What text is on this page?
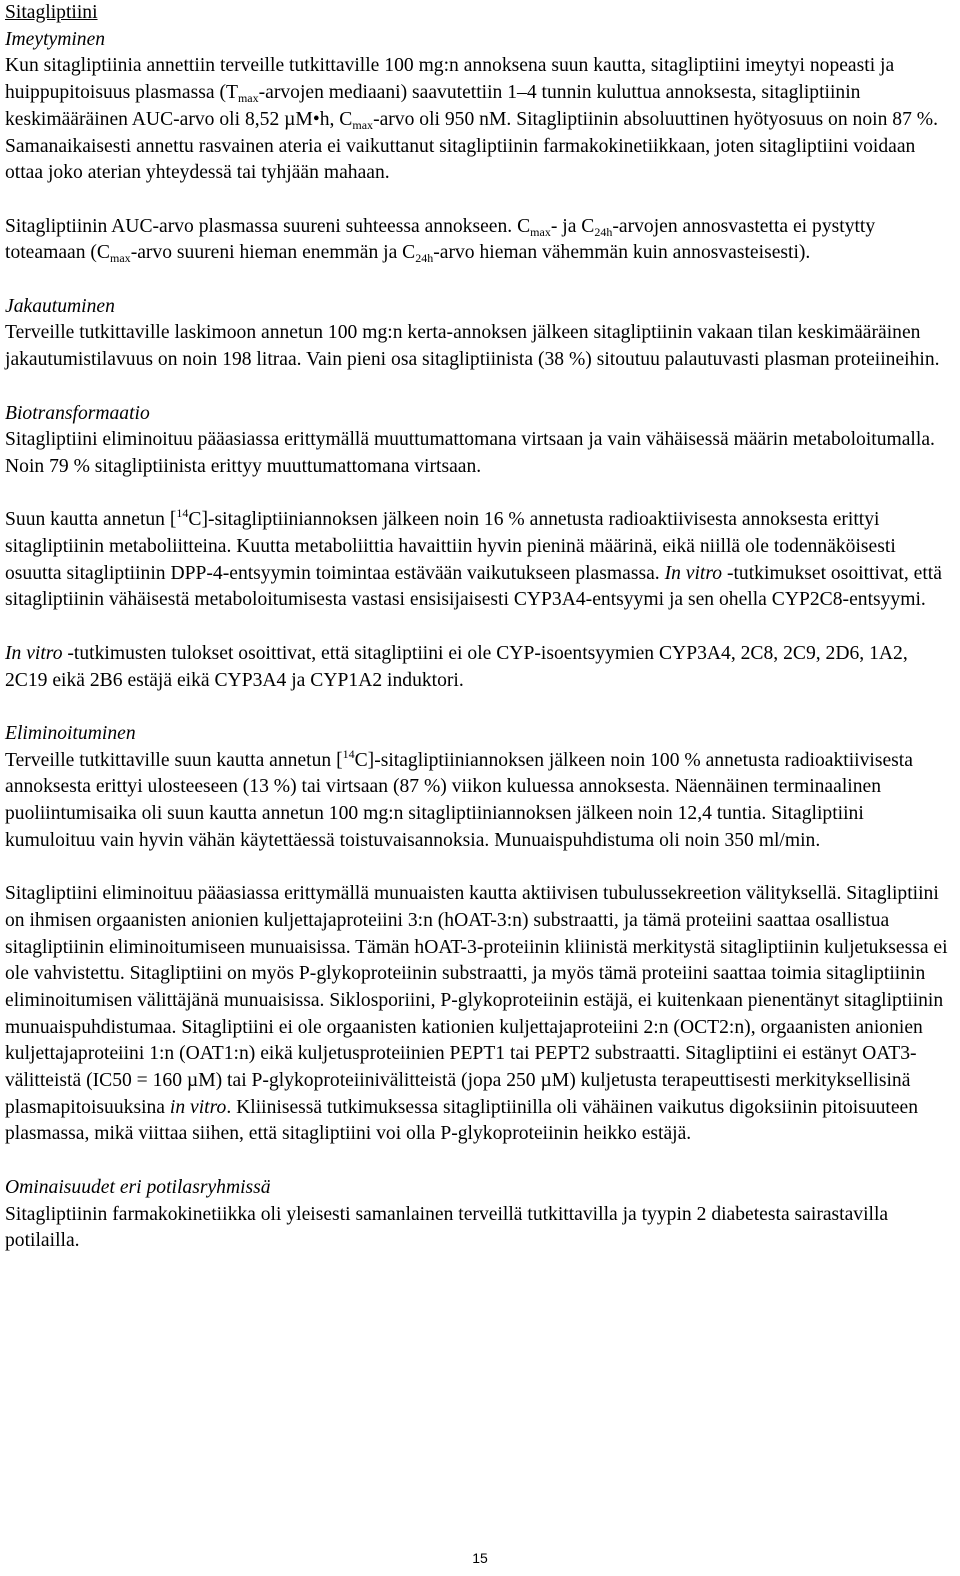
Sitagliptiini

Imeytyminen

Kun sitagliptiinia annettiin terveille tutkittaville 100 mg:n annoksena suun kautta, sitagliptiini imeytyi nopeasti ja huippupitoisuus plasmassa ($T_{max}$-arvojen mediaani) saavutettiin 1–4 tunnin kuluttua annoksesta, sitagliptiinin keskimääräinen AUC-arvo oli 8,52 µM•h, $C_{max}$-arvo oli 950 nM. Sitagliptiinin absoluuttinen hyötyosuus on noin 87 %. Samanaikaisesti annettu rasvainen ateria ei vaikuttanut sitagliptiinin farmakokinetiikkaan, joten sitagliptiini voidaan ottaa joko aterian yhteydessä tai tyhjään mahaan.

Sitagliptiinin AUC-arvo plasmassa suureni suhteessa annokseen. $C_{max}-$ ja $C_{24h}$-arvojen annosvastetta ei pystytty toteamaan ($C_{max}$-arvo suureni hieman enemmän ja $C_{24h}$-arvo hieman vähemmän kuin annosvasteisesti).

Jakautuminen

Terveille tutkittaville laskimoon annetun 100 mg:n kerta-annoksen jälkeen sitagliptiinin vakaan tilan keskimääräinen jakautumistilavuus on noin 198 litraa. Vain pieni osa sitagliptiinista (38 %) sitoutuu palautuvasti plasman proteiineihin.

Biotransformaatio

Sitagliptiini eliminoituu pääasiassa erittymällä muuttumattomana virtsaan ja vain vähäisessä määrin metaboloitumalla. Noin 79 % sitagliptiinista erittyy muuttumattomana virtsaan.

Suun kautta annetun [$^{14}$C]-sitagliptiiniannoksen jälkeen noin 16 % annetusta radioaktiivisesta annoksesta erittyi sitagliptiinin metaboliitteina. Kuutta metaboliittia havaittiin hyvin pieninä määrinä, eikä niillä ole todennäköisesti osuutta sitagliptiinin DPP-4-entsyymin toimintaa estävään vaikutukseen plasmassa. In vitro -tutkimukset osoittivat, että sitagliptiinin vähäisestä metaboloitumisesta vastasi ensisijaisesti CYP3A4-entsyymi ja sen ohella CYP2C8-entsyymi.

In vitro -tutkimusten tulokset osoittivat, että sitagliptiini ei ole CYP-isoentsyymien CYP3A4, 2C8, 2C9, 2D6, 1A2, 2C19 eikä 2B6 estäjä eikä CYP3A4 ja CYP1A2 induktori.

Eliminoituminen

Terveille tutkittaville suun kautta annetun [$^{14}$C]-sitagliptiiniannoksen jälkeen noin 100 % annetusta radioaktiivisesta annoksesta erittyi ulosteeseen (13 %) tai virtsaan (87 %) viikon kuluessa annoksesta. Näennäinen terminaalinen puoliintumisaika oli suun kautta annetun 100 mg:n sitagliptiiniannoksen jälkeen noin 12,4 tuntia. Sitagliptiini kumuloituu vain hyvin vähän käytettäessä toistuvaisannoksia. Munuaispuhdistuma oli noin 350 ml/min.

Sitagliptiini eliminoituu pääasiassa erittymällä munuaisten kautta aktiivisen tubulussekreetion välityksellä. Sitagliptiini on ihmisen orgaanisten anionien kuljettajaproteiini 3:n (hOAT-3:n) substraatti, ja tämä proteiini saattaa osallistua sitagliptiinin eliminoitumiseen munuaisissa. Tämän hOAT-3-proteiinin kliinistä merkitystä sitagliptiinin kuljetuksessa ei ole vahvistettu. Sitagliptiini on myös P-glykoproteiinin substraatti, ja myös tämä proteiini saattaa toimia sitagliptiinin eliminoitumisen välittäjänä munuaisissa. Siklosporiini, P-glykoproteiinin estäjä, ei kuitenkaan pienentänyt sitagliptiinin munuaispuhdistumaa. Sitagliptiini ei ole orgaanisten kationien kuljettajaproteiini 2:n (OCT2:n), orgaanisten anionien kuljettajaproteiini 1:n (OAT1:n) eikä kuljetusproteiinien PEPT1 tai PEPT2 substraatti. Sitagliptiini ei estänyt OAT3-välitteistä (IC50 = 160 µM) tai P-glykoproteiinivälitteistä (jopa 250 µM) kuljetusta terapeuttisesti merkityksellisinä plasmapitoisuuksina in vitro. Kliinisessä tutkimuksessa sitagliptiinilla oli vähäinen vaikutus digoksiinin pitoisuuteen plasmassa, mikä viittaa siihen, että sitagliptiini voi olla P-glykoproteiinin heikko estäjä.

Ominaisuudet eri potilasryhmissä

Sitagliptiinin farmakokinetiikka oli yleisesti samanlainen terveillä tutkittavilla ja tyypin 2 diabetesta sairastavilla potilailla.

15
